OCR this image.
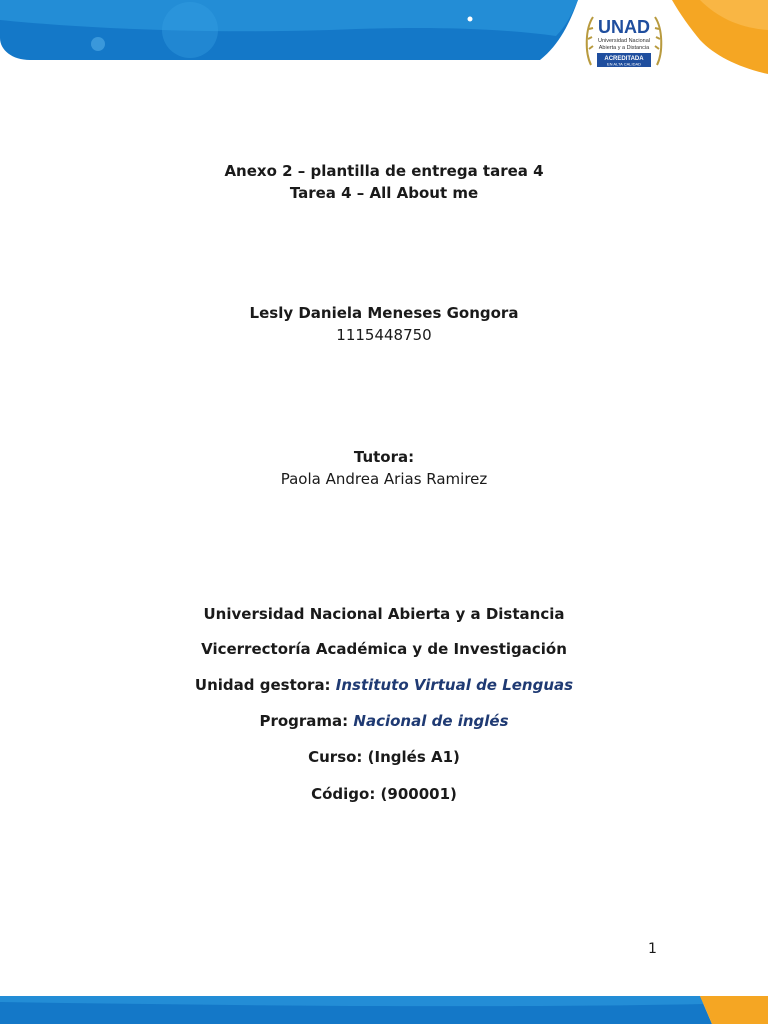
UNAD
Universidad Nacional
Abierta y a Distancia
ACREDITADA
EN ALTA CALIDAD
Anexo 2 – plantilla de entrega tarea 4
Tarea 4 – All About me
Lesly Daniela Meneses Gongora
1115448750
Tutora:
Paola Andrea Arias Ramirez
Universidad Nacional Abierta y a Distancia
Vicerrectoría Académica y de Investigación
Unidad gestora: Instituto Virtual de Lenguas
Programa: Nacional de inglés
Curso: (Inglés A1)
Código: (900001)
1
